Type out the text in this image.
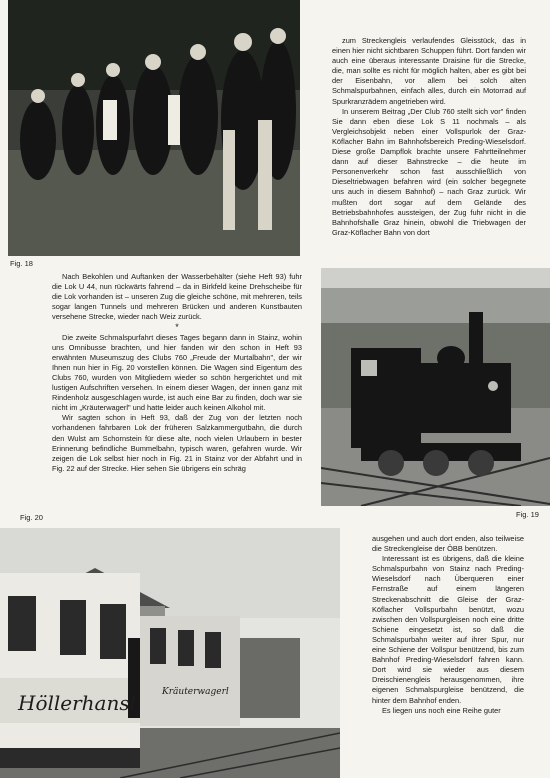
Fig. 18

zum Streckengleis verlaufendes Gleisstück, das in einen hier nicht sichtbaren Schuppen führt. Dort fanden wir auch eine überaus interessante Draisine für die Strecke, die, man sollte es nicht für möglich halten, aber es gibt bei der Eisenbahn, vor allem bei solch alten Schmalspurbahnen, einfach alles, durch ein Motorrad auf Spurkranzrädern angetrieben wird.

In unserem Beitrag „Der Club 760 stellt sich vor" finden Sie dann eben diese Lok S 11 nochmals – als Vergleichsobjekt neben einer Vollspurlok der Graz-Köflacher Bahn im Bahnhofsbereich Preding-Wieselsdorf. Diese große Dampflok brachte unsere Fahrtteilnehmer dann auf dieser Bahnstrecke – die heute im Personenverkehr schon fast ausschließlich von Dieseltriebwagen befahren wird (ein solcher begegnete uns auch in diesem Bahnhof) – nach Graz zurück. Wir mußten dort sogar auf dem Gelände des Betriebsbahnhofes aussteigen, der Zug fuhr nicht in die Bahnhofshalle Graz hinein, obwohl die Triebwagen der Graz-Köflacher Bahn von dort

Nach Bekohlen und Auftanken der Wasserbehälter (siehe Heft 93) fuhr die Lok U 44, nun rückwärts fahrend – da in Birkfeld keine Drehscheibe für die Lok vorhanden ist – unseren Zug die gleiche schöne, mit mehreren, teils sogar langen Tunnels und mehreren Brücken und anderen Kunstbauten versehene Strecke, wieder nach Weiz zurück.

*

Die zweite Schmalspurfahrt dieses Tages begann dann in Stainz, wohin uns Omnibusse brachten, und hier fanden wir den schon in Heft 93 erwähnten Museumszug des Clubs 760 „Freude der Murtalbahn", der wir Ihnen nun hier in Fig. 20 vorstellen können. Die Wagen sind Eigentum des Clubs 760, wurden von Mitgliedern wieder so schön hergerichtet und mit lustigen Aufschriften versehen. In einem dieser Wagen, der innen ganz mit Rindenholz ausgeschlagen wurde, ist auch eine Bar zu finden, doch war sie nicht im „Kräuterwagerl" und hatte leider auch keinen Alkohol mit.

Wir sagten schon in Heft 93, daß der Zug von der letzten noch vorhandenen fahrbaren Lok der früheren Salzkammergutbahn, die durch den Wulst am Schornstein für diese alte, noch vielen Urlaubern in bester Erinnerung befindliche Bummelbahn, typisch waren, gefahren wurde. Wir zeigen die Lok selbst hier noch in Fig. 21 in Stainz vor der Abfahrt und in Fig. 22 auf der Strecke. Hier sehen Sie übrigens ein schräg

Fig. 20	Fig. 19
Höllerhansl	Kräuterwagerl

ausgehen und auch dort enden, also teilweise die Streckengleise der ÖBB benützen.

Interessant ist es übrigens, daß die kleine Schmalspurbahn von Stainz nach Preding-Wieselsdorf nach Überqueren einer Fernstraße auf einem längeren Streckenabschnitt die Gleise der Graz-Köflacher Vollspurbahn benützt, wozu zwischen den Vollspurgleisen noch eine dritte Schiene eingesetzt ist, so daß die Schmalspurbahn weiter auf ihrer Spur, nur eine Schiene der Vollspur benützend, bis zum Bahnhof Preding-Wieselsdorf fahren kann. Dort wird sie wieder aus diesem Dreischienengleis herausgenommen, ihre eigenen Schmalspurgleise benützend, die hinter dem Bahnhof enden.

Es liegen uns noch eine Reihe guter
